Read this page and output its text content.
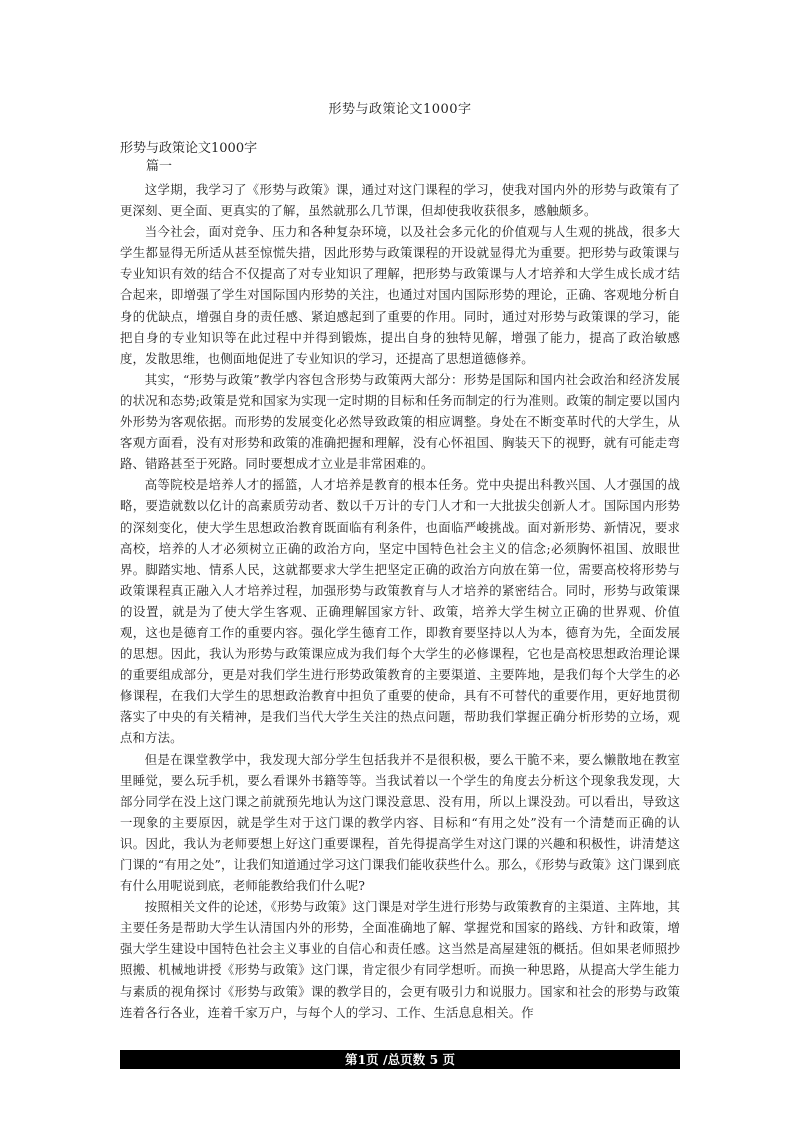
形势与政策论文1000字
形势与政策论文1000字
篇一

这学期，我学习了《形势与政策》课，通过对这门课程的学习，使我对国内外的形势与政策有了更深刻、更全面、更真实的了解，虽然就那么几节课，但却使我收获很多，感触颇多。

当今社会，面对竞争、压力和各种复杂环境，以及社会多元化的价值观与人生观的挑战，很多大学生都显得无所适从甚至惊慌失措，因此形势与政策课程的开设就显得尤为重要。把形势与政策课与专业知识有效的结合不仅提高了对专业知识了理解，把形势与政策课与人才培养和大学生成长成才结合起来，即增强了学生对国际国内形势的关注，也通过对国内国际形势的理论，正确、客观地分析自身的优缺点，增强自身的责任感、紧迫感起到了重要的作用。同时，通过对形势与政策课的学习，能把自身的专业知识等在此过程中并得到锻炼，提出自身的独特见解，增强了能力，提高了政治敏感度，发散思维，也侧面地促进了专业知识的学习，还提高了思想道德修养。

其实，“形势与政策”教学内容包含形势与政策两大部分：形势是国际和国内社会政治和经济发展的状况和态势;政策是党和国家为实现一定时期的目标和任务而制定的行为准则。政策的制定要以国内外形势为客观依据。而形势的发展变化必然导致政策的相应调整。身处在不断变革时代的大学生，从客观方面看，没有对形势和政策的准确把握和理解，没有心怀祖国、胸装天下的视野，就有可能走弯路、错路甚至于死路。同时要想成才立业是非常困难的。

高等院校是培养人才的摇篮，人才培养是教育的根本任务。党中央提出科教兴国、人才强国的战略，要造就数以亿计的高素质劳动者、数以千万计的专门人才和一大批拔尖创新人才。国际国内形势的深刻变化，使大学生思想政治教育既面临有利条件，也面临严峻挑战。面对新形势、新情况，要求高校，培养的人才必须树立正确的政治方向，坚定中国特色社会主义的信念;必须胸怀祖国、放眼世界。脚踏实地、情系人民，这就都要求大学生把坚定正确的政治方向放在第一位，需要高校将形势与政策课程真正融入人才培养过程，加强形势与政策教育与人才培养的紧密结合。同时，形势与政策课的设置，就是为了使大学生客观、正确理解国家方针、政策，培养大学生树立正确的世界观、价值观，这也是德育工作的重要内容。强化学生德育工作，即教育要坚持以人为本，德育为先，全面发展的思想。因此，我认为形势与政策课应成为我们每个大学生的必修课程，它也是高校思想政治理论课的重要组成部分，更是对我们学生进行形势政策教育的主要渠道、主要阵地，是我们每个大学生的必修课程，在我们大学生的思想政治教育中担负了重要的使命，具有不可替代的重要作用，更好地贯彻落实了中央的有关精神，是我们当代大学生关注的热点问题，帮助我们掌握正确分析形势的立场，观点和方法。

但是在课堂教学中，我发现大部分学生包括我并不是很积极，要么干脆不来，要么懒散地在教室里睡觉，要么玩手机，要么看课外书籍等等。当我试着以一个学生的角度去分析这个现象我发现，大部分同学在没上这门课之前就预先地认为这门课没意思、没有用，所以上课没劲。可以看出，导致这一现象的主要原因，就是学生对于这门课的教学内容、目标和“有用之处”没有一个清楚而正确的认识。因此，我认为老师要想上好这门重要课程，首先得提高学生对这门课的兴趣和积极性，讲清楚这门课的“有用之处”，让我们知道通过学习这门课我们能收获些什么。那么，《形势与政策》这门课到底有什么用呢说到底，老师能教给我们什么呢?

按照相关文件的论述，《形势与政策》这门课是对学生进行形势与政策教育的主渠道、主阵地，其主要任务是帮助大学生认清国内外的形势，全面准确地了解、掌握党和国家的路线、方针和政策，增强大学生建设中国特色社会主义事业的自信心和责任感。这当然是高屋建瓴的概括。但如果老师照抄照搬、机械地讲授《形势与政策》这门课，肯定很少有同学想听。而换一种思路，从提高大学生能力与素质的视角探讨《形势与政策》课的教学目的，会更有吸引力和说服力。国家和社会的形势与政策连着各行各业，连着千家万户，与每个人的学习、工作、生活息息相关。作

第1页 /总页数 5 页
